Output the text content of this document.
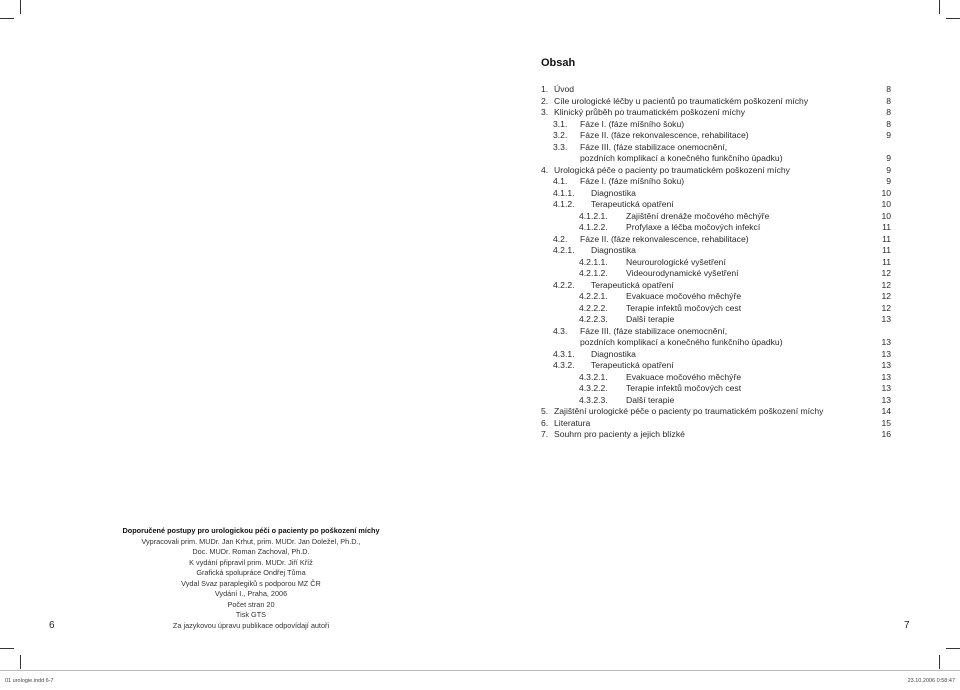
Obsah
1. Úvod	8
2. Cíle urologické léčby u pacientů po traumatickém poškození míchy	8
3. Klinický průběh po traumatickém poškození míchy	8
3.1. Fáze I. (fáze míšního šoku)	8
3.2. Fáze II. (fáze rekonvalescence, rehabilitace)	9
3.3. Fáze III. (fáze stabilizace onemocnění,
pozdních komplikací a konečného funkčního úpadku)	9
4. Urologická péče o pacienty po traumatickém poškození míchy	9
4.1. Fáze I. (fáze míšního šoku)	9
4.1.1. Diagnostika	10
4.1.2. Terapeutická opatření	10
4.1.2.1. Zajištění drenáže močového měchýře	10
4.1.2.2. Profylaxe a léčba močových infekcí	11
4.2. Fáze II. (fáze rekonvalescence, rehabilitace)	11
4.2.1. Diagnostika	11
4.2.1.1. Neurourologické vyšetření	11
4.2.1.2. Videourodynamické vyšetření	12
4.2.2. Terapeutická opatření	12
4.2.2.1. Evakuace močového měchýře	12
4.2.2.2. Terapie infektů močových cest	12
4.2.2.3. Další terapie	13
4.3. Fáze III. (fáze stabilizace onemocnění,
pozdních komplikací a konečného funkčního úpadku)	13
4.3.1. Diagnostika	13
4.3.2. Terapeutická opatření	13
4.3.2.1. Evakuace močového měchýře	13
4.3.2.2. Terapie infektů močových cest	13
4.3.2.3. Další terapie	13
5. Zajištění urologické péče o pacienty po traumatickém poškození míchy	14
6. Literatura	15
7. Souhrn pro pacienty a jejich blízké	16
Doporučené postupy pro urologickou péči o pacienty po poškození míchy
Vypracovali prim. MUDr. Jan Krhut, prim. MUDr. Jan Doležel, Ph.D.,
Doc. MUDr. Roman Zachoval, Ph.D.
K vydání připravil prim. MUDr. Jiří Kříž
Grafická spolupráce Ondřej Tůma
Vydal Svaz paraplegiků s podporou MZ ČR
Vydání I., Praha, 2006
Počet stran 20
Tisk GTS
Za jazykovou úpravu publikace odpovídají autoři
6	7
01 urologie.indd 6-7	23.10.2006 0:58:47
